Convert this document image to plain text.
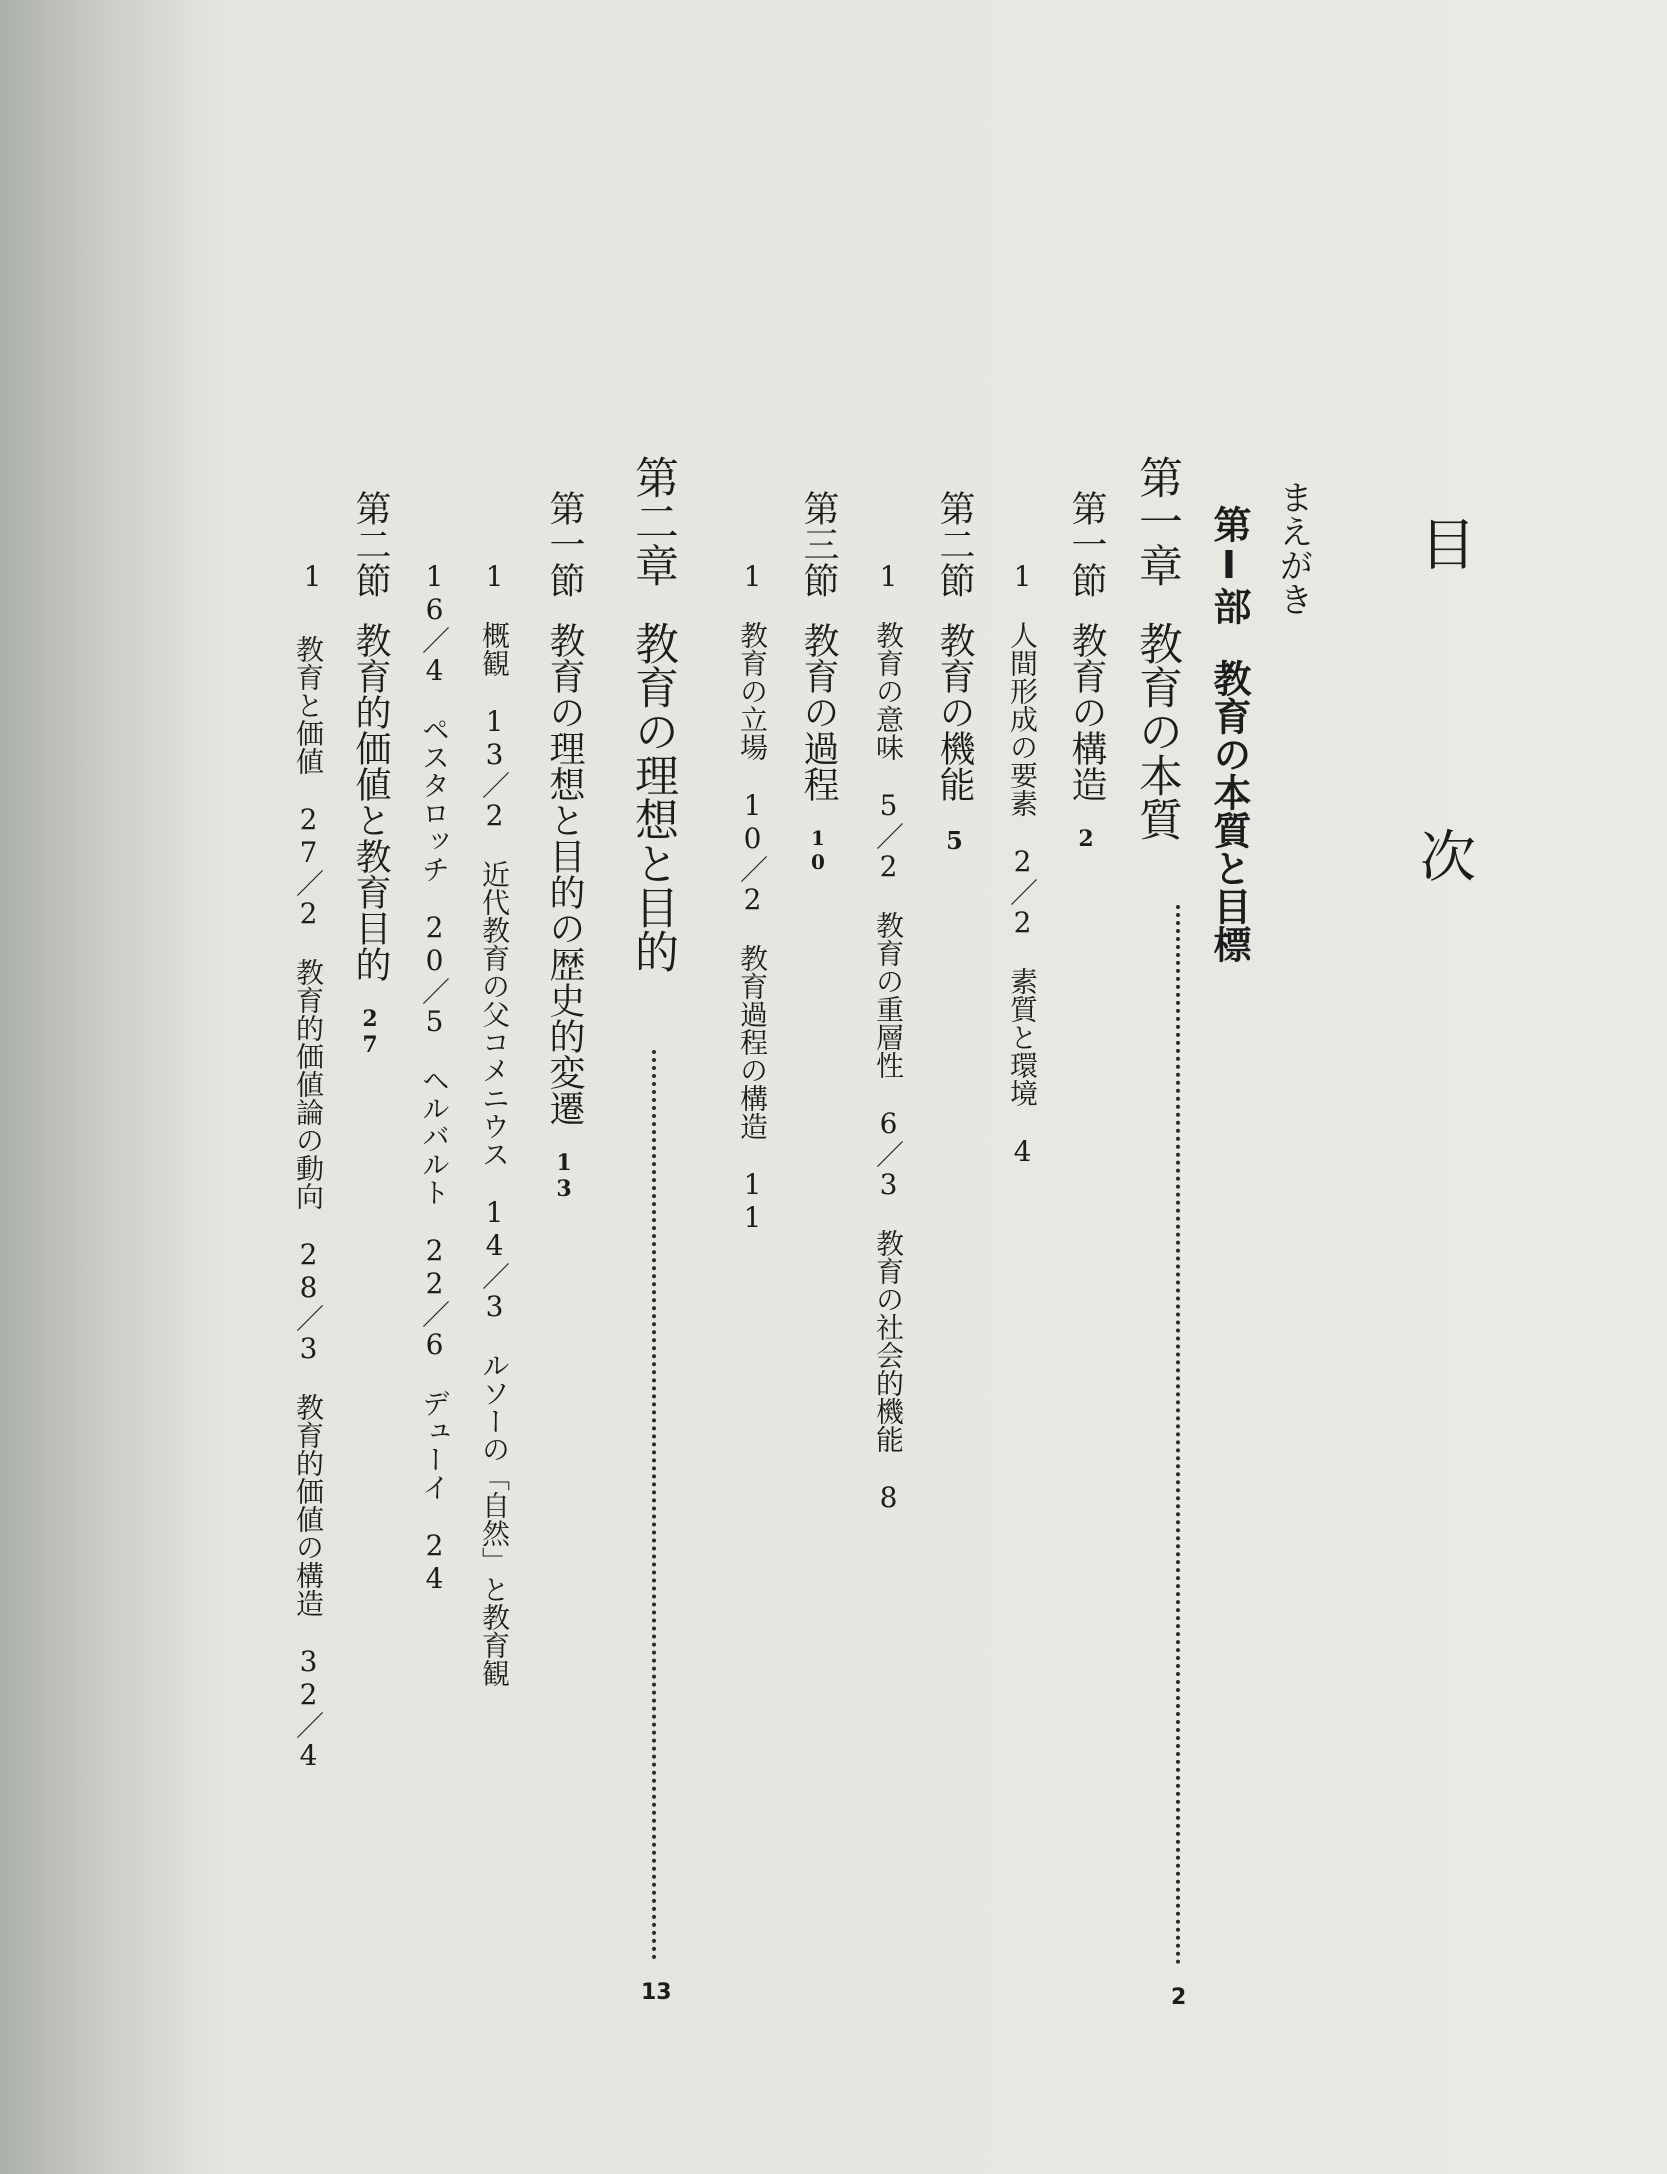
目　次
まえがき
第Ⅰ部教育の本質と目標
第一章教育の本質
2
第一節教育の構造2
1　人間形成の要素　2／2　素質と環境　4
第二節教育の機能5
1　教育の意味　5／2　教育の重層性　6／3　教育の社会的機能　8
第三節教育の過程10
1　教育の立場　10／2　教育過程の構造　11
第二章教育の理想と目的
13
第一節教育の理想と目的の歴史的変遷13
1　概観　13／2　近代教育の父コメニウス　14／3　ルソーの「自然」と教育観
16／4　ペスタロッチ　20／5　ヘルバルト　22／6　デューイ　24
第二節教育的価値と教育目的27
1
教育と価値　27／2　教育的価値論の動向　28／3　教育的価値の構造　32／4
